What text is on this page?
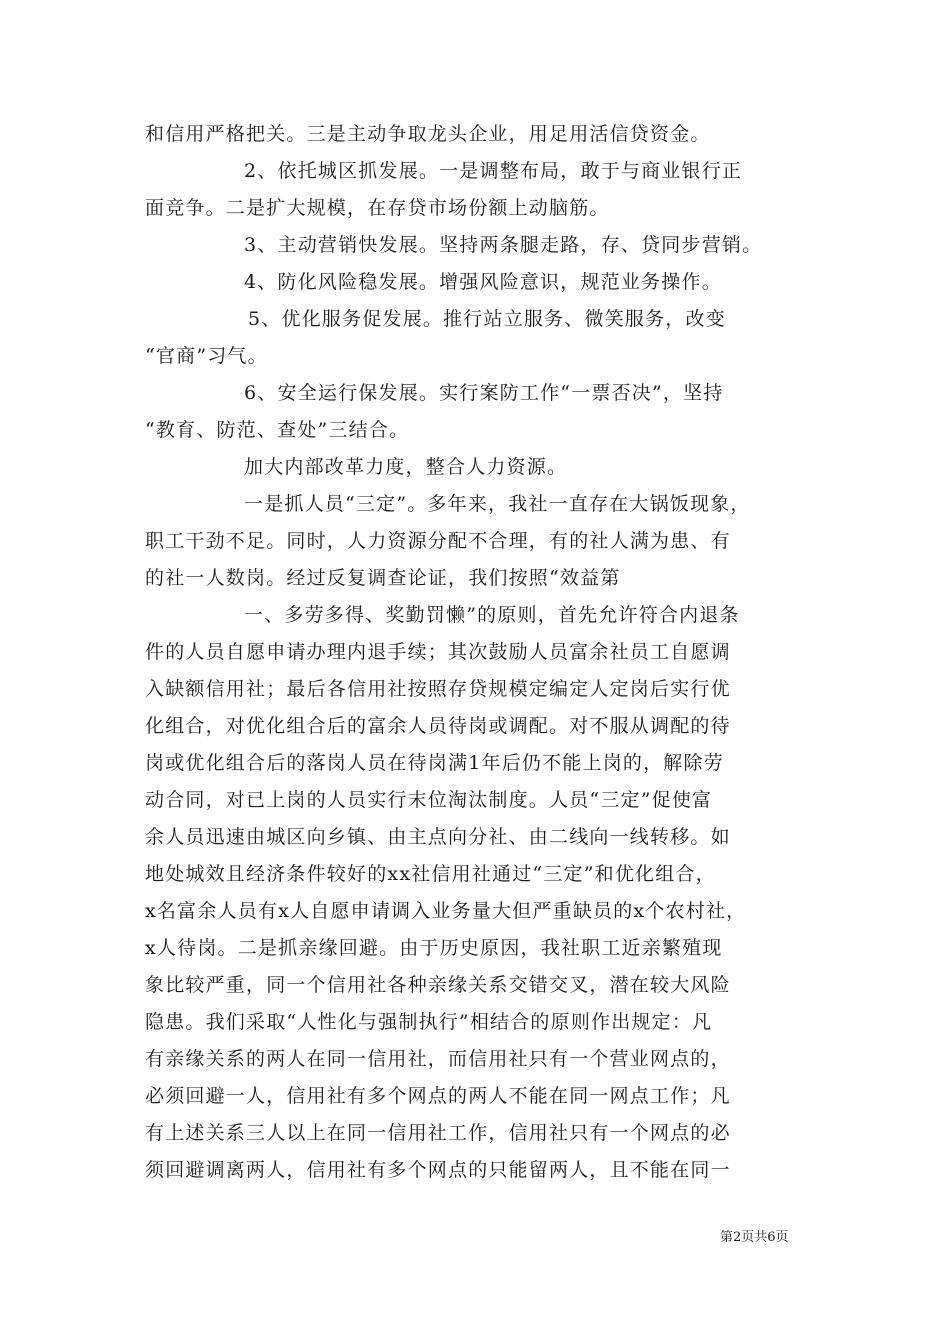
和信用严格把关。三是主动争取龙头企业，用足用活信贷资金。
2、依托城区抓发展。一是调整布局，敢于与商业银行正
面竞争。二是扩大规模，在存贷市场份额上动脑筋。
3、主动营销快发展。坚持两条腿走路，存、贷同步营销。
4、防化风险稳发展。增强风险意识，规范业务操作。
5、优化服务促发展。推行站立服务、微笑服务，改变
“官商”习气。
6、安全运行保发展。实行案防工作“一票否决”，坚持
“教育、防范、查处”三结合。
加大内部改革力度，整合人力资源。
一是抓人员“三定”。多年来，我社一直存在大锅饭现象，
职工干劲不足。同时，人力资源分配不合理，有的社人满为患、有
的社一人数岗。经过反复调查论证，我们按照“效益第
一、多劳多得、奖勤罚懒”的原则，首先允许符合内退条
件的人员自愿申请办理内退手续；其次鼓励人员富余社员工自愿调
入缺额信用社；最后各信用社按照存贷规模定编定人定岗后实行优
化组合，对优化组合后的富余人员待岗或调配。对不服从调配的待
岗或优化组合后的落岗人员在待岗满1年后仍不能上岗的，解除劳
动合同，对已上岗的人员实行末位淘汰制度。人员“三定”促使富
余人员迅速由城区向乡镇、由主点向分社、由二线向一线转移。如
地处城效且经济条件较好的xx社信用社通过“三定”和优化组合，
x名富余人员有x人自愿申请调入业务量大但严重缺员的x个农村社，
x人待岗。二是抓亲缘回避。由于历史原因，我社职工近亲繁殖现
象比较严重，同一个信用社各种亲缘关系交错交叉，潜在较大风险
隐患。我们采取“人性化与强制执行”相结合的原则作出规定：凡
有亲缘关系的两人在同一信用社，而信用社只有一个营业网点的，
必须回避一人，信用社有多个网点的两人不能在同一网点工作；凡
有上述关系三人以上在同一信用社工作，信用社只有一个网点的必
须回避调离两人，信用社有多个网点的只能留两人，且不能在同一
第2页共6页
